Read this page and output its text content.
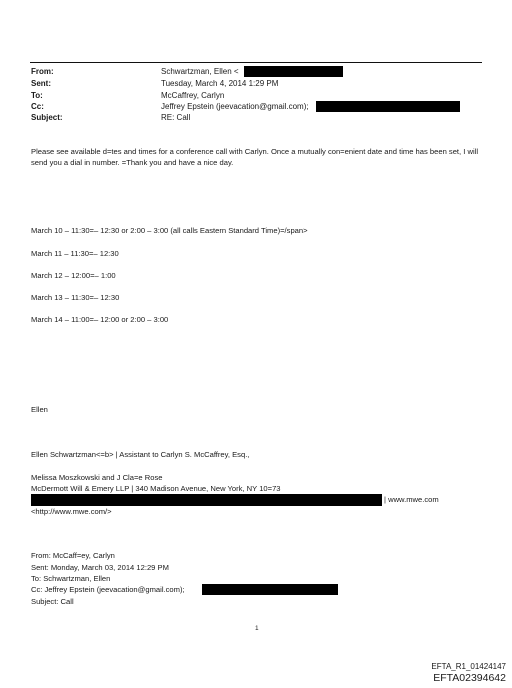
From:	Schwartzman, Ellen <
Sent:	Tuesday, March 4, 2014 1:29 PM
To:	McCaffrey, Carlyn
Cc:	Jeffrey Epstein (jeevacation@gmail.com);
Subject:	RE: Call
Please see available d=tes and times for a conference call with Carlyn. Once a mutually con=enient date and time has been set, I will send you a dial in number. =Thank you and have a nice day.
March 10 – 11:30=– 12:30 or 2:00 – 3:00 (all calls Eastern Standard Time)=/span>
March 11 – 11:30=– 12:30
March 12 – 12:00=– 1:00
March 13 – 11:30=– 12:30
March 14 – 11:00=– 12:00 or 2:00 – 3:00
Ellen
Ellen Schwartzman<=b> | Assistant to Carlyn S. McCaffrey, Esq.,
Melissa Moszkowski and J Cla=e Rose
McDermott Will & Emery LLP | 340 Madison Avenue, New York, NY 10=73
| www.mwe.com
<http://www.mwe.com/>
From: McCaff=ey, Carlyn
Sent: Monday, March 03, 2014 12:29 PM
To: Schwartzman, Ellen
Cc: Jeffrey Epstein (jeevacation@gmail.com);
Subject: Call
1
EFTA_R1_01424147
EFTA02394642
